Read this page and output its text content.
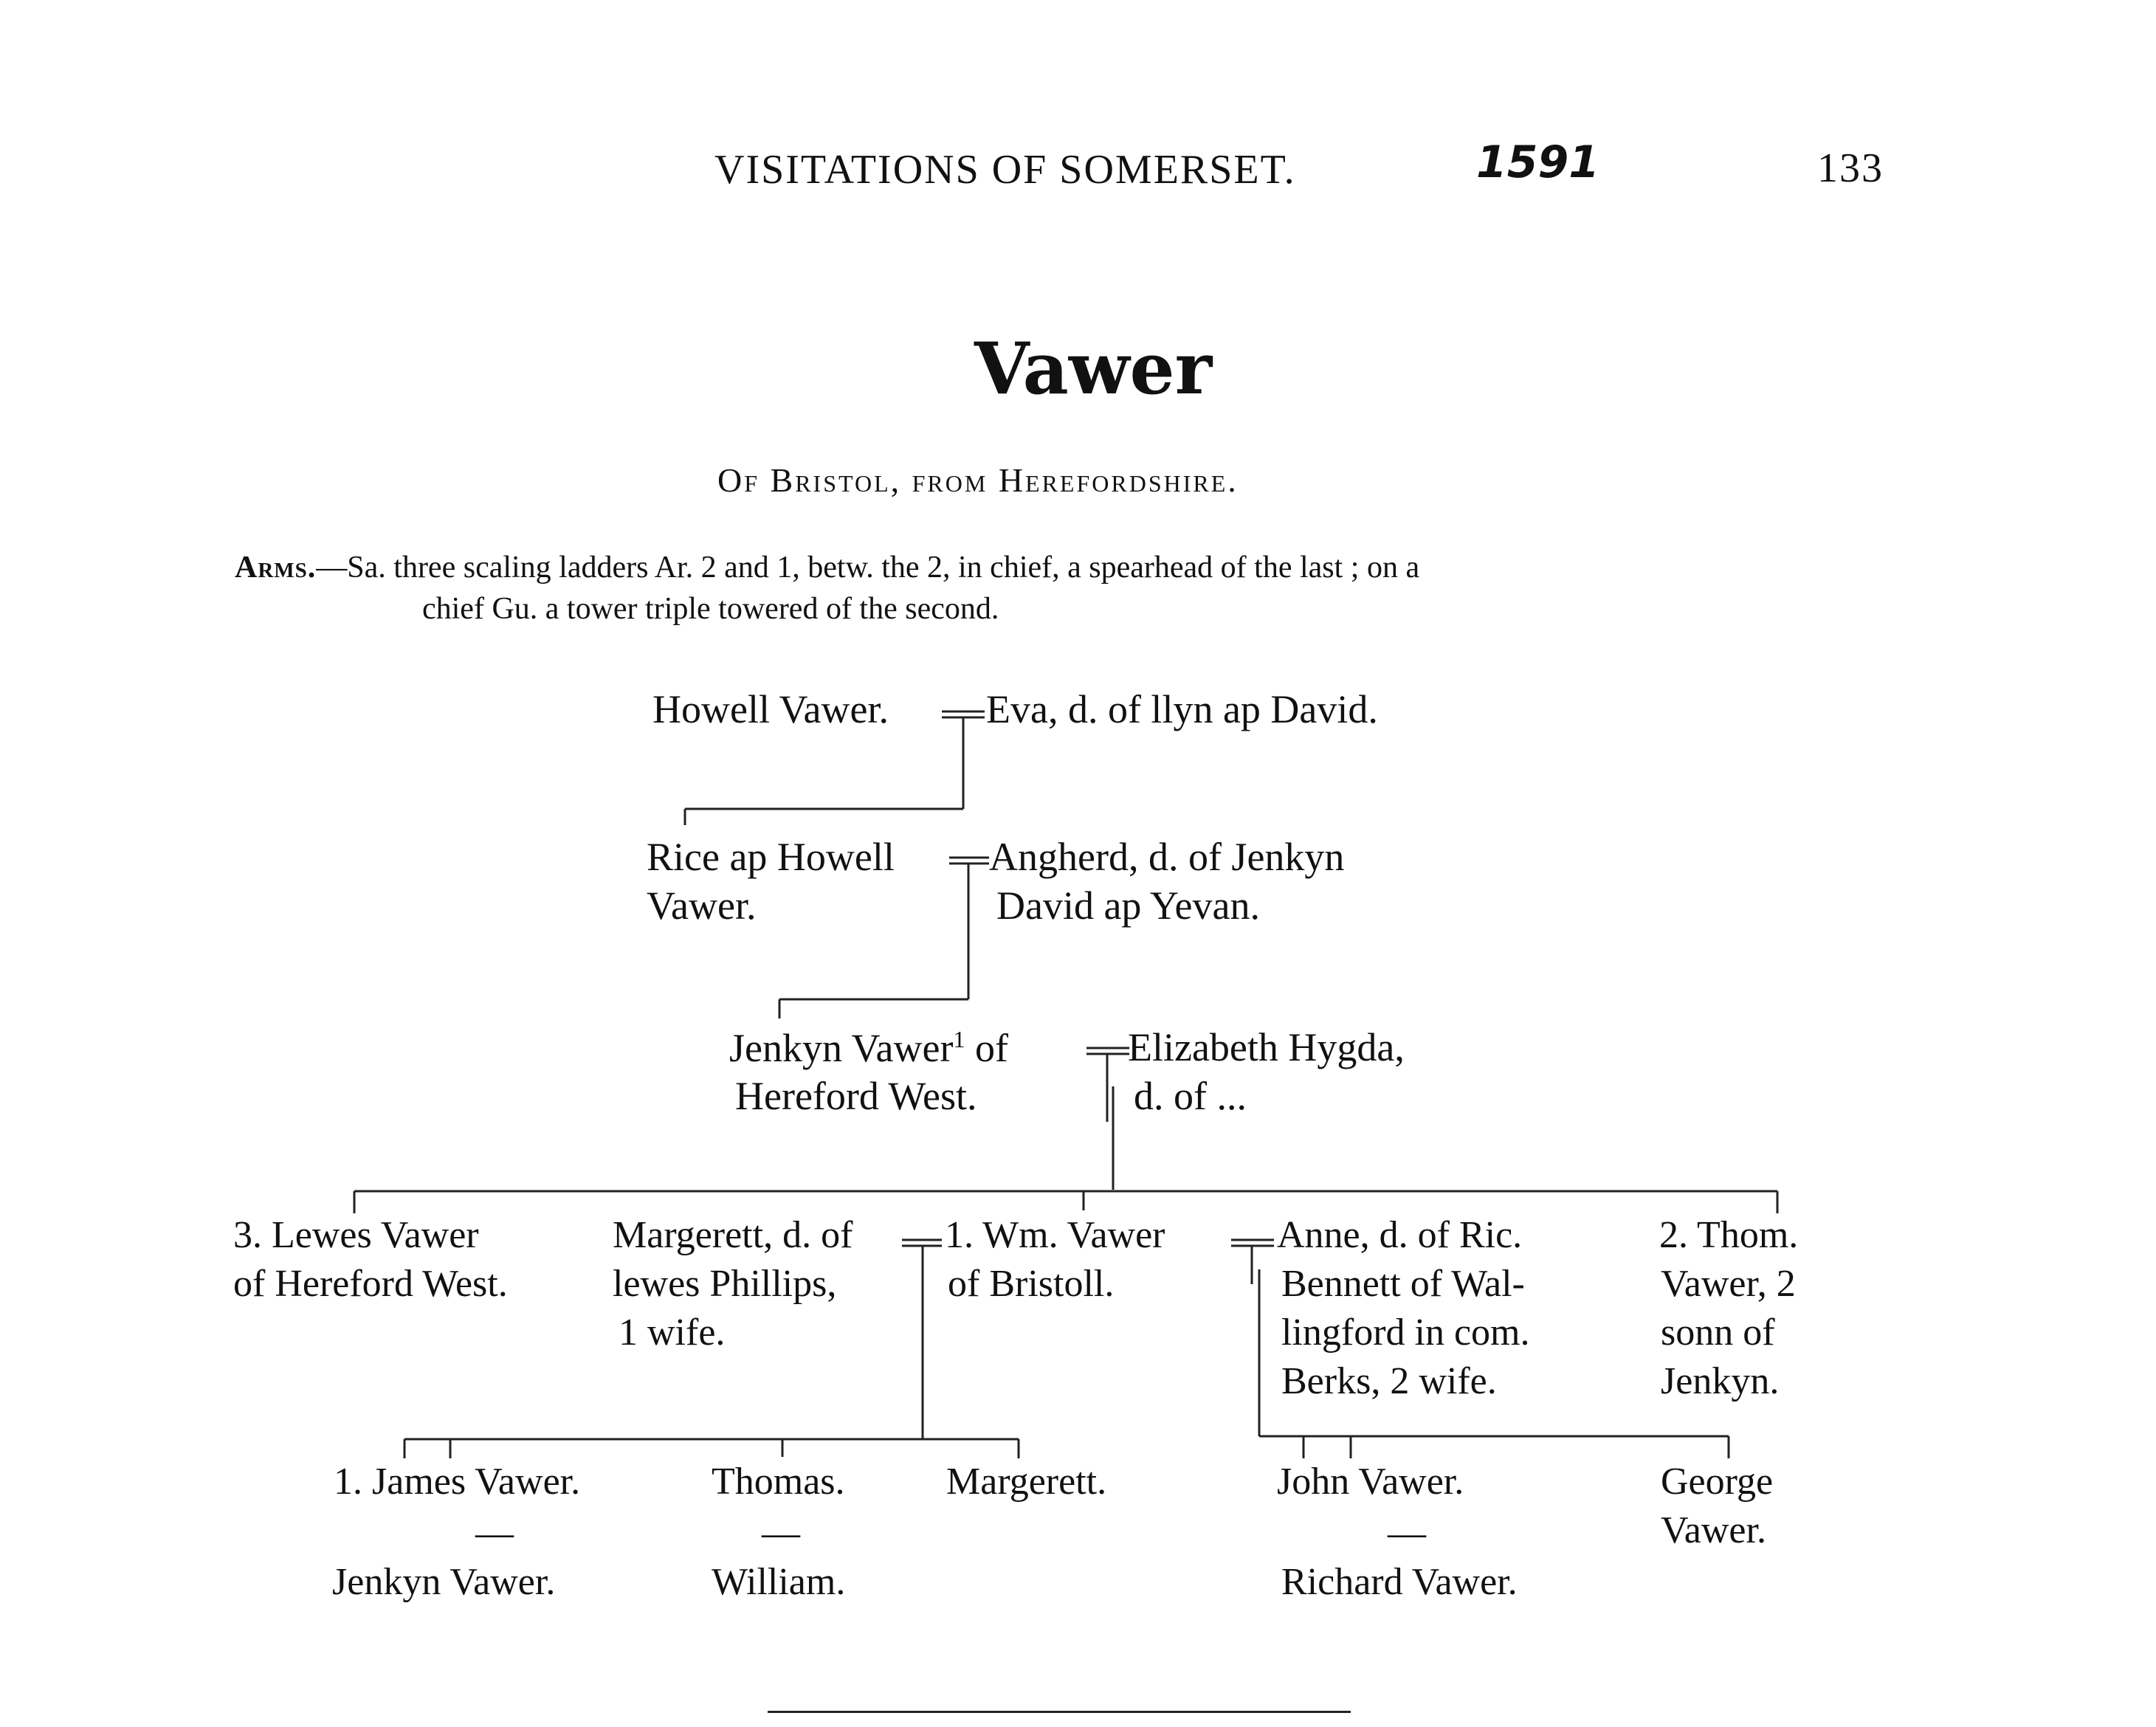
VISITATIONS OF SOMERSET.	1591	133
Vawer
Of Bristol, from Herefordshire.
Arms.—Sa. three scaling ladders Ar. 2 and 1, betw. the 2, in chief, a spearhead of the last ; on a
chief Gu. a tower triple towered of the second.
Howell Vawer. Eva, d. of llyn ap David.
Rice ap Howell
Vawer.
Angherd, d. of Jenkyn
David ap Yevan.
Jenkyn Vawer$^1$ of
Hereford West.
Elizabeth Hygda,
d. of ...
3. Lewes Vawer
of Hereford West.
Margerett, d. of
lewes Phillips,
1 wife.
1. Wm. Vawer
of Bristoll.
Anne, d. of Ric.
Bennett of Wal-
lingford in com.
Berks, 2 wife.
2. Thom.
Vawer, 2
sonn of
Jenkyn.
1. James Vawer.	Thomas.	Margerett.	John Vawer.	George
Vawer.
—	—	—
Jenkyn Vawer.	William.	Richard Vawer.
